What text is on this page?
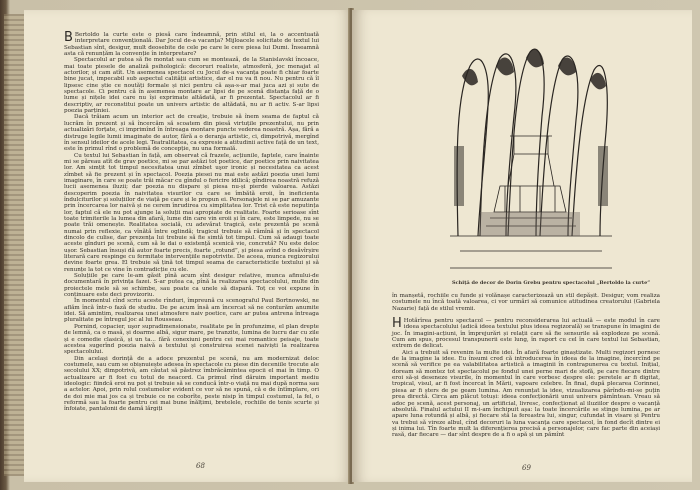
B Bertoldo la curte este o piesă care îndeamnă, prin stilul ei, la o accentuată interpretare convențională. Dar Jocul de-a vacanța? Mijloacele solicitate de textul lui Sebastian sînt, desigur, mult deosebite de cele pe care le cere piesa lui Dumi. Înseamnă asta că renunțăm la convenție în interpretare?

Spectacolul ar putea să fie montat sau cum se montează, de la Stanislavski încoace, mai toate piesele de analiză psihologică: decoruri realiste, atmosferă, joc menajat al actorilor, și cam atît. Un asemenea spectacol cu Jocul de-a vacanța poate fi chiar foarte bine jucat, impecabil sub aspectul calității artistice, dar el nu va fi nou. Nu pentru că îl lipsesc cine știe ce noutăți formale și nici pentru că așa-s-ar mai juca azi și sute de spectacole. Ci pentru că în asemenea montare ar lipsi de pe scenă distanța față de o lume și nițele idei care nu își exprimate altădată, ar fi prezentat. Spectacolul ar fi descriptiv, ar reconstitui poate un univers artistic de altădată, nu ar fi activ. S-ar lipsi poezia parținiei.

Dacă trăiam acum un interior act de creație, trebuie să înem seama de faptul că lucrăm în prezent și să încercăm să scoatem din piesă virtuțile prezentului, nu prin actualizări forțate, ci imprimînd în întreaga montare puncte vederea noastră. Așa, fără a distruge legile lumii imaginate de autor, fără a o deranja artistic, ci, dimpotrivă, mergînd în sensul ideilor de acele legi. Teatralitatea, ca expresie a atitudinii active față de un text, este în primul rînd o problemă de concepție, nu una formală.

Cu textul lui Sebastian în față, am observat că frazele, acțiunile, faptele, care înainte mi se păreau atît de grav poetice, mi se par astăzi tot poetice, dar poetice prin naivitatea lor. Am simțit tot timpul necesitatea unui zîmbet uşor ironic și necesitatea ca acest zîmbet să fie prezent și în spectacol. Poezia piesei nu mai este astăzi poezia unei lumi imaginare, în care se poate trăi măcar cu gîndul o fericire idilică; gîndirea noastră refuză lucii asemenea iluzii; dar poezia nu dispare și piesa nu-și pierde valoarea. Astăzi descoperim poezia în naivitatea visurilor cu care se îmbătă eroii, în ineficienta îndulciturilor și soluțiilor de viață pe care și le propun ei. Personajele ni se par amuzante prin încercarea lor naivă și ne cerem înrudirea cu simplitatea lor. Trist că este neputința lor, faptul că ele nu pot ajunge la soluții mai apropiate de realitate. Foarte serioase sînt toate trimiterile la lumea din afară, lume din care vin eroii și în care, este limpede, nu se poate trăi omenește. Realitatea socială, cu adevărat tragică, este prezentă pe scenă numai prin reflexie, ca vînătă între oglindă; tragicul trebuie să rămînă și în spectacol dincolo de culise, dar prezența lui trebuie să fie simtă tot timpul. Cum să adaugi toate aceste gînduri pe scenă, cum să le dai o existență scenică vie, concretă? Nu este deloc ușor. Sebastian însuși dă autor foarte precis, foarte „rotund”, și piesa avînd o desăvîrșire literară care respinge cu fermitate intervențiile nepotrivite. De aceea, munca regizorului devine foarte grea. El trebuie să țină tot timpul seama de caracteristicile textului și să renunțe la tot ce vine în contradicție cu ele.

Soluțiile pe care le-am găsit pînă acum sînt desigur relative, munca afinului-de documentară în privința fazei. S-ar putea ca, pînă la realizarea spectacolului, multe din proiectele mele să se schimbe, sau poate ca unele să dispară. Toț ce voi expune în continuare este deci provizoriu.

În momentul cînd scriu aceste rînduri, împreună cu scenograful Paul Bortnowski, ne aflăm încă într-o fază de studiu. De pe acum însă am încercat să ne conturăm anumite idei. Să amintim, realizarea unei atmosfere naiv poetice, care ar putea antrena întreaga pluralitate pe întregul joc al lui Rousseau.

Pornind, copacier, uşor supradimensionate, realitate pe în profunzime, el plan drepte de lemnă, ca o masă, și doarme albă, sigur mare, pe tranzite, lumina de lucru dar cu zile și e comedie clasică, și un ta... fără conexiuni pentru cei mai romantice peisaje, toate acestea sugerînd poezia naivă a textului și construirea scenei naiviști la realizarea spectacolului.

Din același dorință de a adoce prezentul pe scenă, nu am modernizat deloc costumele, sau cum se obișnuiește adesea în spectacole cu piese din deceniile trecute ale secolului XX; dimpotrivă, am căutat să păstrez îmbrăcămintea epocii el mai în timp. O actualizare ar fi fost cu totul de neacord. Ca primul rînd dăruim important mediu ideologic: fiindcă eroi nu pot și trebuie să se conducă într-o viață nu mai după norma sau a actelor. Apoi, prin rolul costumelor evident ce vor să ne spună, că e de întîmplare, ori de doi mie mai jos ca și trebuie ce ne coborîte, peste nisip în timpul costumul, la fel, o reformă sau la foarte pentru cei mai bune înălțimi, bretelele, rochiile de tenis scurte și înfoiate, pantalonii de damă lărgiți

68
Schiță de decor de Dorin Grebu pentru spectacolul „Bertoldo la curte”

în manșetă, rochiile cu funde și volănașe caracterizează un stil depășit. Desigur, vom realiza costumele nu încă toată valoarea, ci vor urmări să comunice atitudinea creatorului (Gabriela Nazarie) față de stilul vremii.

H Hotărîrea pentru spectacol — pentru reconsiderarea lui actuală — este modul în care ideea spectacolului (adică ideea textului plus ideea regizorală) se transpune în imagini de joc. În imagini-acțiuni, în împrejurări și relații care să fie sensurile să explodeze pe scenă. Cum am spus, procesul transpunerii este lung, în raport cu cel în care textul lui Sebastian, extrem de delicat.

Aici a trebuit să revenim la multe idei. În afară foarte ginaștizate. Multi regizori pornesc de la imagine la idee. Eu însumi cred că introducerea în ideea de la imagine, încercînd pe scenă să verifice pe ea valabilitatea artistică a imaginii în contrapunerea cu textul. Inițial, doream să montez tot spectacolul pe fondul unei perne mari de stofă, pe care fiecare dintre eroi să-și deseneze visurile, în momentul în care vorbesc despre ele: peretele ar fi digitat, tropical, visul, ar fi fost încercat în Mării, vapoare celebre. În final, după plecarea Corinnei, piesa ar fi șters de pe geam lumina. Am renunțat la idee, vizualizarea părîndu-mi-se puțin prea directă. Circa am plăcut totuși: ideea confecționării unui univers pămîntean. Vreau să adoc pe scenă, acest personaj, un artificial, livresc, confecționat al iluziilor despre o vacanță absolută. Finalul actului II m-i-am închipuit așa: la toate încercările se stinge lumina, pe ar apare luna rotundă și albă, și fiecare stă la fereastra lui, singur, cufundat în visare și Pentru va trebui să vireze albul, cînd decoruri la luna vacanța care spectacol, în fond decît dintre ei și inima lui. Tîn foarte mult la diferențierea precisă a personajelor, care fac parte din aceiași rasă, dar fiecare — dar sînt despre de a fi o apă și un pămînt

69
